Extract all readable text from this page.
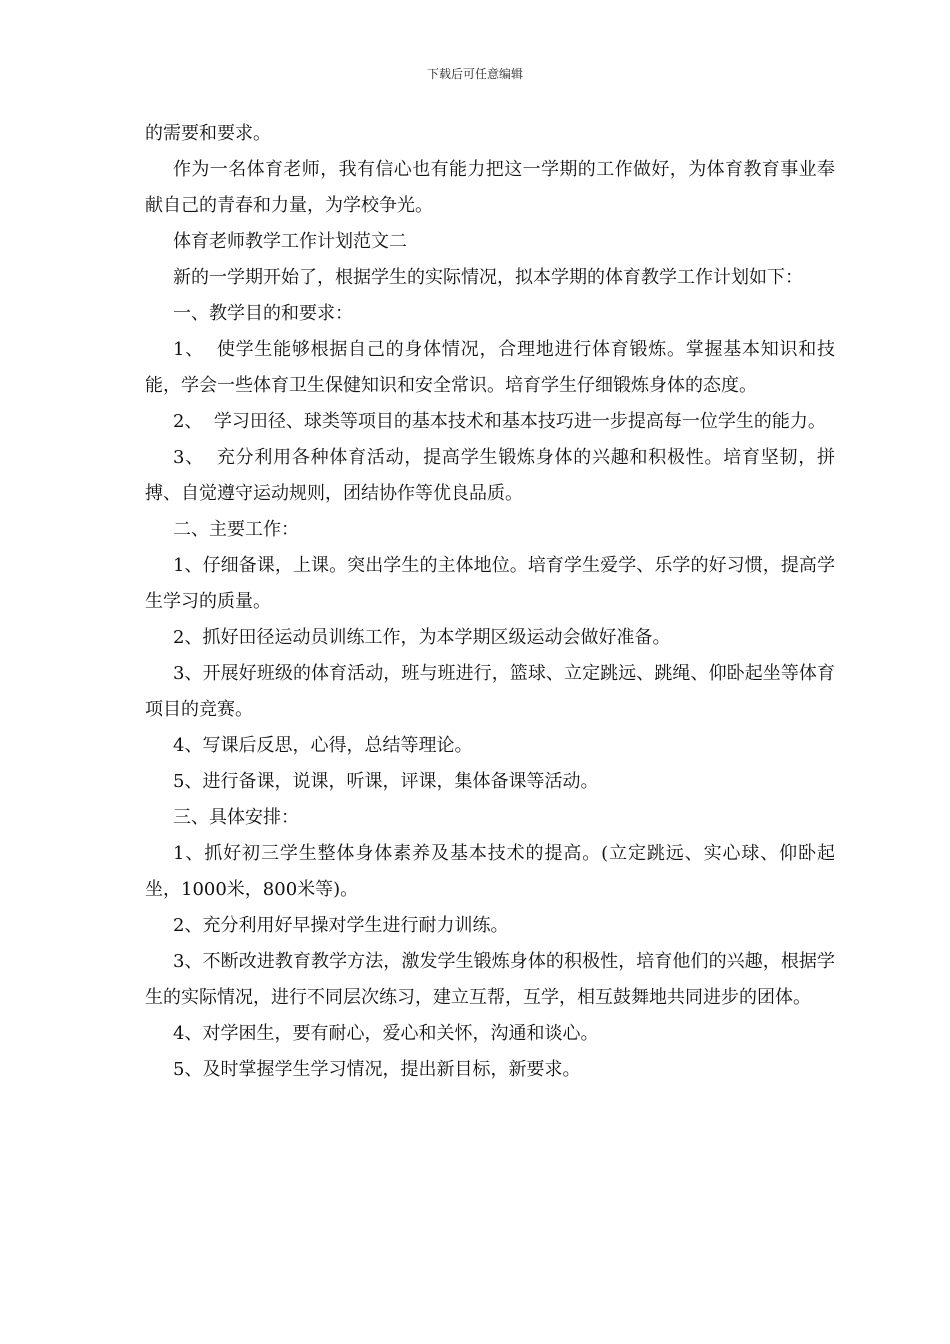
下载后可任意编辑

的需要和要求。

作为一名体育老师，我有信心也有能力把这一学期的工作做好，为体育教育事业奉献自己的青春和力量，为学校争光。

体育老师教学工作计划范文二

新的一学期开始了，根据学生的实际情况，拟本学期的体育教学工作计划如下：

一、教学目的和要求：

1、  使学生能够根据自己的身体情况，合理地进行体育锻炼。掌握基本知识和技能，学会一些体育卫生保健知识和安全常识。培育学生仔细锻炼身体的态度。

2、  学习田径、球类等项目的基本技术和基本技巧进一步提高每一位学生的能力。

3、  充分利用各种体育活动，提高学生锻炼身体的兴趣和积极性。培育坚韧，拼搏、自觉遵守运动规则，团结协作等优良品质。

二、主要工作：

1、仔细备课，上课。突出学生的主体地位。培育学生爱学、乐学的好习惯，提高学生学习的质量。

2、抓好田径运动员训练工作，为本学期区级运动会做好准备。

3、开展好班级的体育活动，班与班进行，篮球、立定跳远、跳绳、仰卧起坐等体育项目的竞赛。

4、写课后反思，心得，总结等理论。

5、进行备课，说课，听课，评课，集体备课等活动。

三、具体安排：

1、抓好初三学生整体身体素养及基本技术的提高。(立定跳远、实心球、仰卧起坐，1000米，800米等)。

2、充分利用好早操对学生进行耐力训练。

3、不断改进教育教学方法，激发学生锻炼身体的积极性，培育他们的兴趣，根据学生的实际情况，进行不同层次练习，建立互帮，互学，相互鼓舞地共同进步的团体。

4、对学困生，要有耐心，爱心和关怀，沟通和谈心。

5、及时掌握学生学习情况，提出新目标，新要求。
